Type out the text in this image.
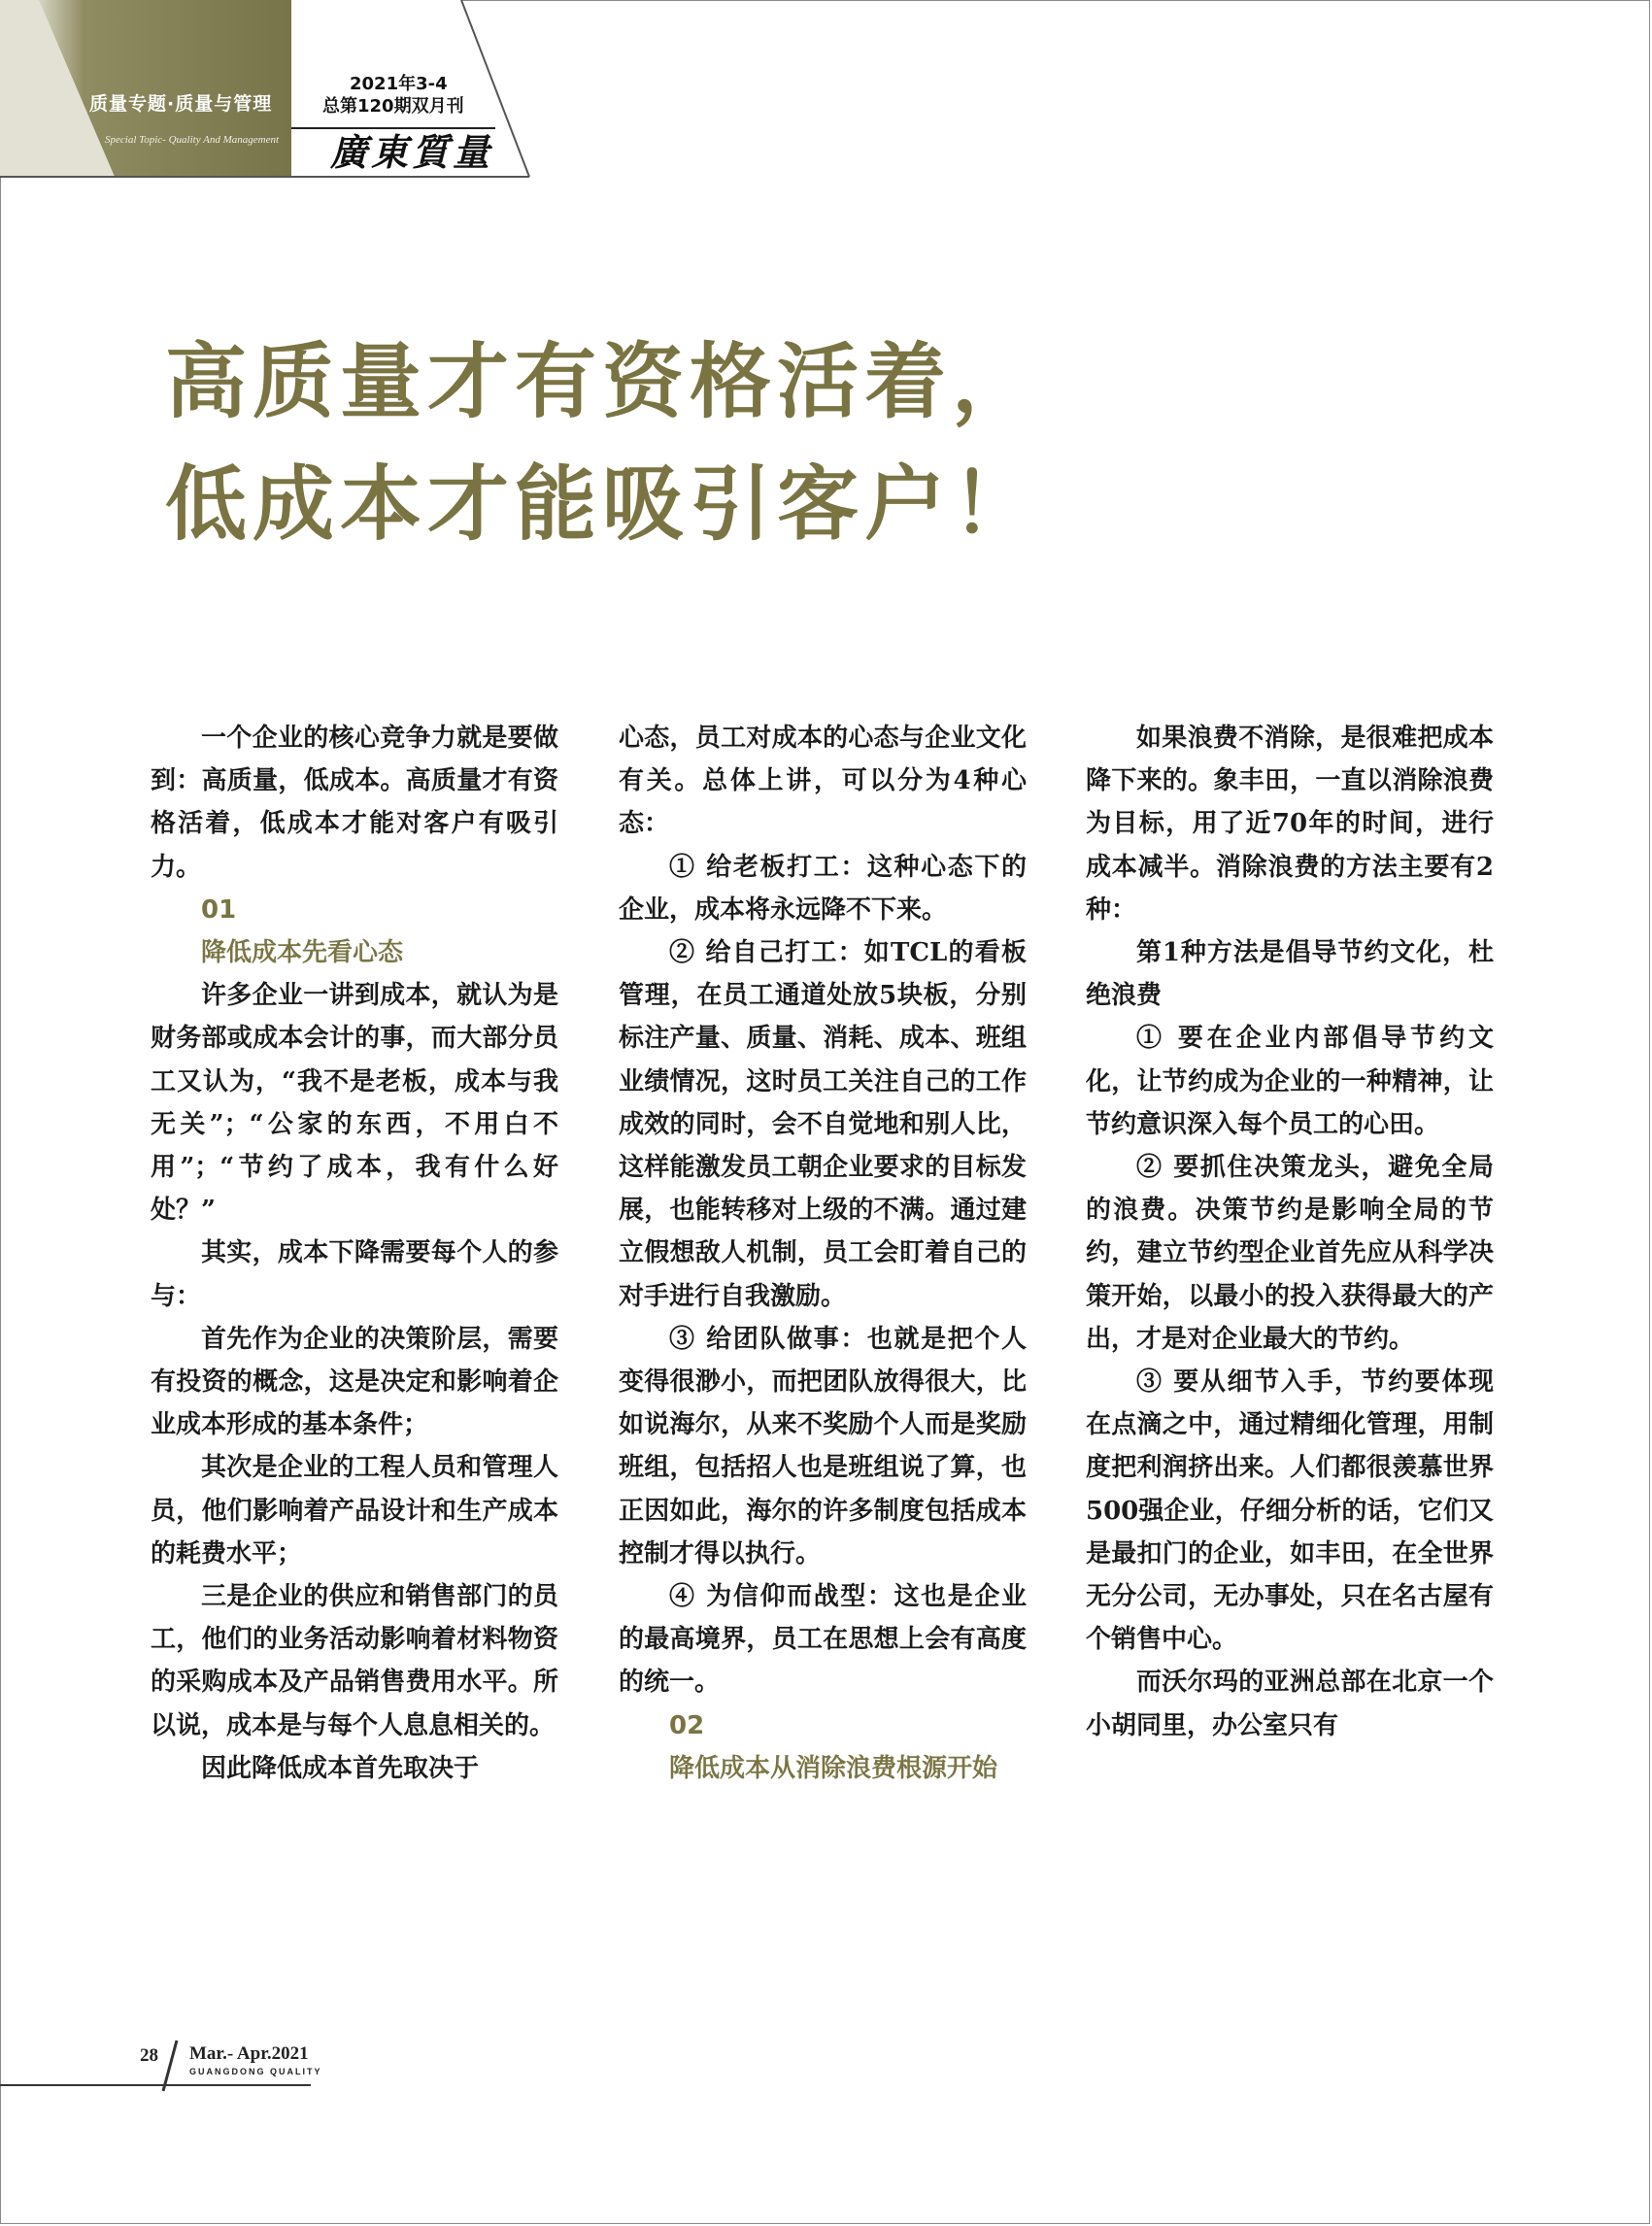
质量专题·质量与管理
Special Topic- Quality And Management
2021年3-4
总第120期双月刊
廣東質量
高质量才有资格活着，
低成本才能吸引客户！

一个企业的核心竞争力就是要做到：高质量，低成本。高质量才有资格活着，低成本才能对客户有吸引力。

01

降低成本先看心态

许多企业一讲到成本，就认为是财务部或成本会计的事，而大部分员工又认为，“我不是老板，成本与我无关”；“公家的东西，不用白不用”；“节约了成本，我有什么好处？”

其实，成本下降需要每个人的参与：

首先作为企业的决策阶层，需要有投资的概念，这是决定和影响着企业成本形成的基本条件；

其次是企业的工程人员和管理人员，他们影响着产品设计和生产成本的耗费水平；

三是企业的供应和销售部门的员工，他们的业务活动影响着材料物资的采购成本及产品销售费用水平。所以说，成本是与每个人息息相关的。

因此降低成本首先取决于

心态，员工对成本的心态与企业文化有关。总体上讲，可以分为4种心态：

① 给老板打工：这种心态下的企业，成本将永远降不下来。

② 给自己打工：如TCL的看板管理，在员工通道处放5块板，分别标注产量、质量、消耗、成本、班组业绩情况，这时员工关注自己的工作成效的同时，会不自觉地和别人比，这样能激发员工朝企业要求的目标发展，也能转移对上级的不满。通过建立假想敌人机制，员工会盯着自己的对手进行自我激励。

③ 给团队做事：也就是把个人变得很渺小，而把团队放得很大，比如说海尔，从来不奖励个人而是奖励班组，包括招人也是班组说了算，也正因如此，海尔的许多制度包括成本控制才得以执行。

④ 为信仰而战型：这也是企业的最高境界，员工在思想上会有高度的统一。

02

降低成本从消除浪费根源开始

如果浪费不消除，是很难把成本降下来的。象丰田，一直以消除浪费为目标，用了近70年的时间，进行成本减半。消除浪费的方法主要有2种：

第1种方法是倡导节约文化，杜绝浪费

① 要在企业内部倡导节约文化，让节约成为企业的一种精神，让节约意识深入每个员工的心田。

② 要抓住决策龙头，避免全局的浪费。决策节约是影响全局的节约，建立节约型企业首先应从科学决策开始，以最小的投入获得最大的产出，才是对企业最大的节约。

③ 要从细节入手，节约要体现在点滴之中，通过精细化管理，用制度把利润挤出来。人们都很羡慕世界500强企业，仔细分析的话，它们又是最扣门的企业，如丰田，在全世界无分公司，无办事处，只在名古屋有个销售中心。

而沃尔玛的亚洲总部在北京一个小胡同里，办公室只有

28 Mar.- Apr.2021
GUANGDONG QUALITY
